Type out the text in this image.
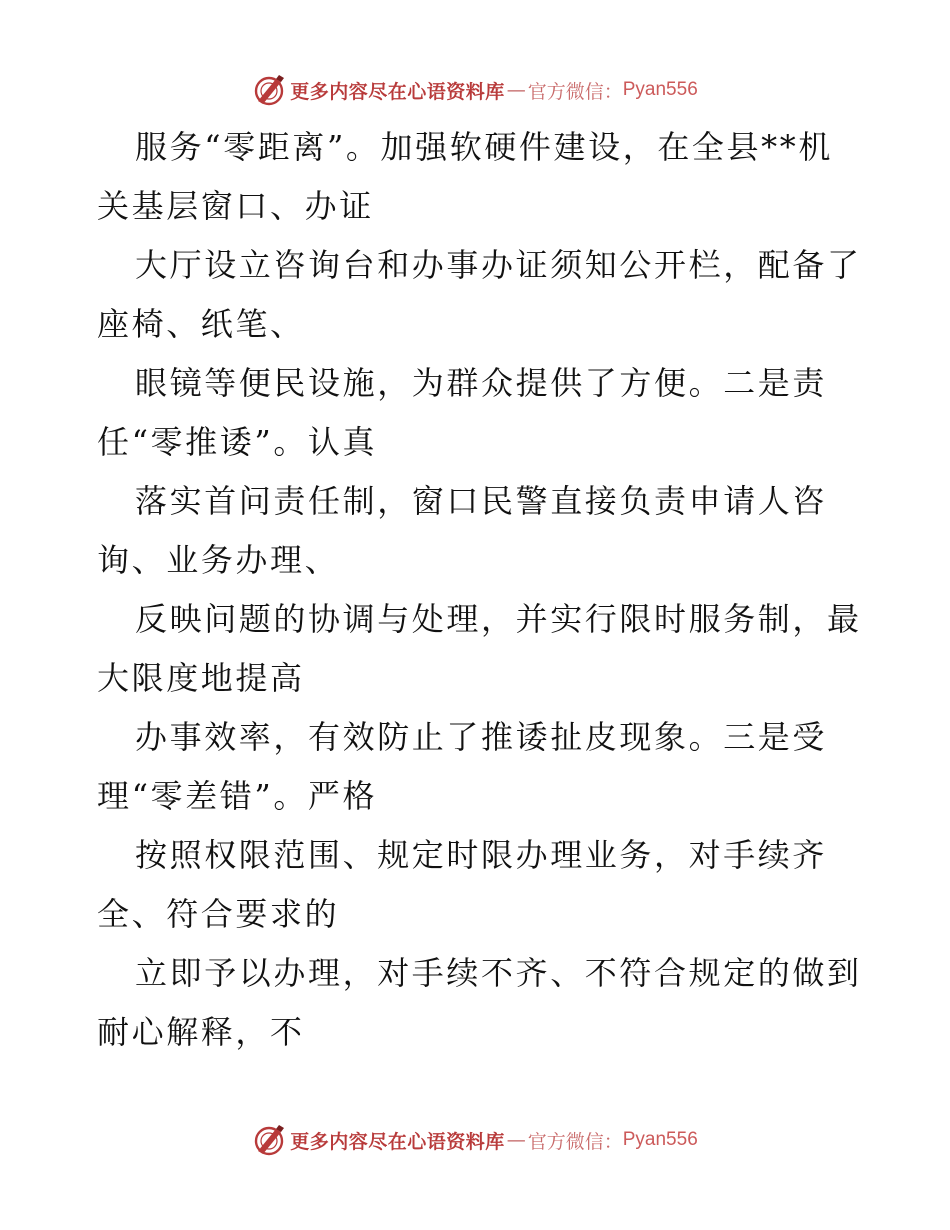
更多内容尽在心语资料库 — 官方微信： Pyan556

服务“零距离”。加强软硬件建设，在全县**机
关基层窗口、办证

大厅设立咨询台和办事办证须知公开栏，配备了
座椅、纸笔、

眼镜等便民设施，为群众提供了方便。二是责
任“零推诿”。认真

落实首问责任制，窗口民警直接负责申请人咨
询、业务办理、

反映问题的协调与处理，并实行限时服务制，最
大限度地提高

办事效率，有效防止了推诿扯皮现象。三是受
理“零差错”。严格

按照权限范围、规定时限办理业务，对手续齐
全、符合要求的

立即予以办理，对手续不齐、不符合规定的做到
耐心解释，不

更多内容尽在心语资料库 — 官方微信： Pyan556
